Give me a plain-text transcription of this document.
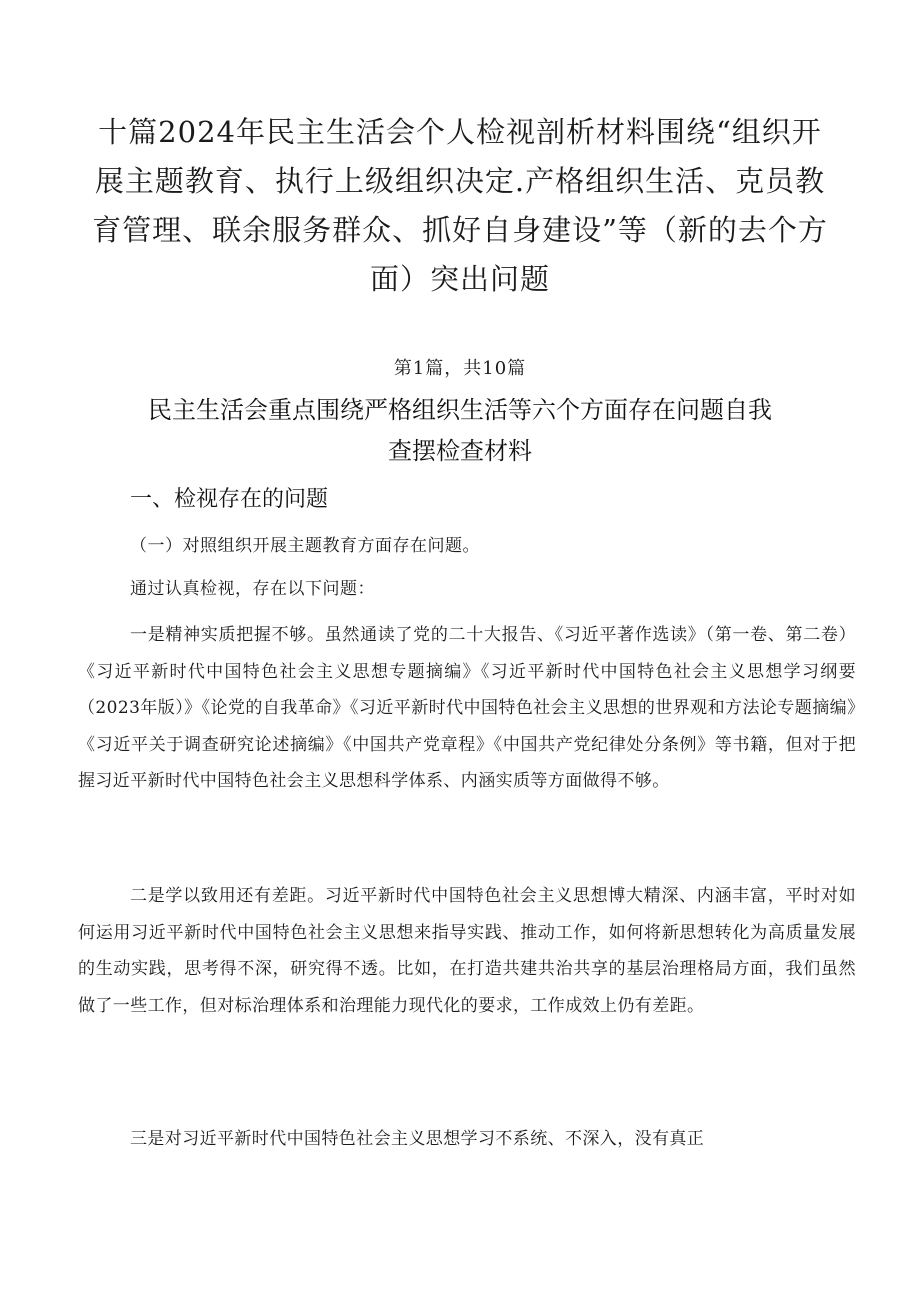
十篇2024年民主生活会个人检视剖析材料围绕“组织开展主题教育、执行上级组织决定.产格组织生活、克员教育管理、联余服务群众、抓好自身建设”等（新的去个方面）突出问题
第1篇，共10篇
民主生活会重点围绕严格组织生活等六个方面存在问题自我查摆检查材料
一、检视存在的问题

（一）对照组织开展主题教育方面存在问题。

通过认真检视，存在以下问题：

一是精神实质把握不够。虽然通读了党的二十大报告、《习近平著作选读》（第一卷、第二卷）《习近平新时代中国特色社会主义思想专题摘编》《习近平新时代中国特色社会主义思想学习纲要（2023年版）》《论党的自我革命》《习近平新时代中国特色社会主义思想的世界观和方法论专题摘编》《习近平关于调查研究论述摘编》《中国共产党章程》《中国共产党纪律处分条例》等书籍，但对于把握习近平新时代中国特色社会主义思想科学体系、内涵实质等方面做得不够。

二是学以致用还有差距。习近平新时代中国特色社会主义思想博大精深、内涵丰富，平时对如何运用习近平新时代中国特色社会主义思想来指导实践、推动工作，如何将新思想转化为高质量发展的生动实践，思考得不深，研究得不透。比如，在打造共建共治共享的基层治理格局方面，我们虽然做了一些工作，但对标治理体系和治理能力现代化的要求，工作成效上仍有差距。

三是对习近平新时代中国特色社会主义思想学习不系统、不深入，没有真正
